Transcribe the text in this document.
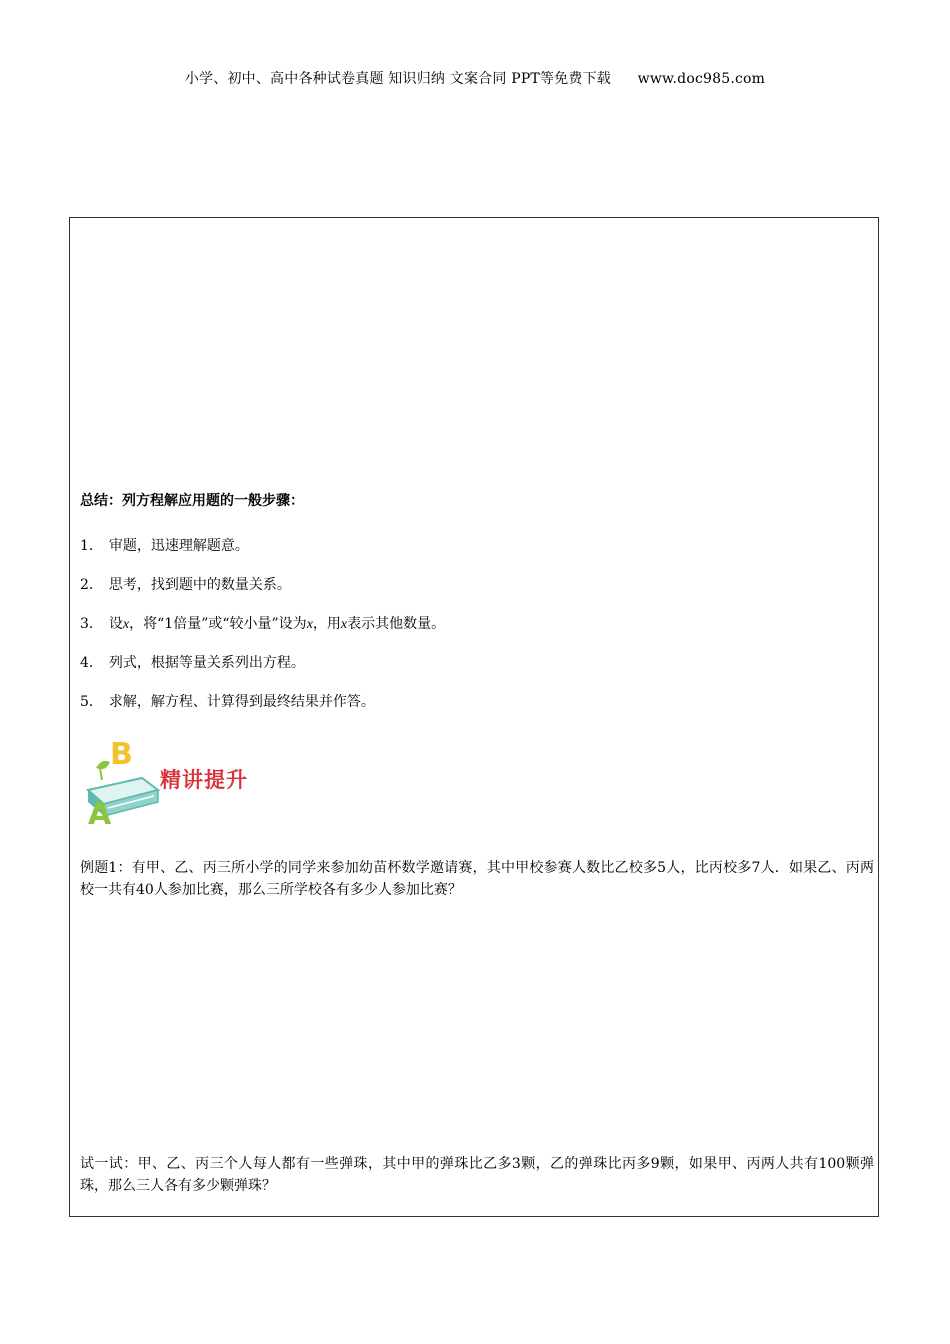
小学、初中、高中各种试卷真题 知识归纳 文案合同 PPT等免费下载 www.doc985.com
总结：列方程解应用题的一般步骤：
1． 审题，迅速理解题意。
2． 思考，找到题中的数量关系。
3． 设x，将“1倍量”或“较小量”设为x，用x表示其他数量。
4． 列式，根据等量关系列出方程。
5． 求解，解方程、计算得到最终结果并作答。
B
A
精讲提升
例题1：有甲、乙、丙三所小学的同学来参加幼苗杯数学邀请赛，其中甲校参赛人数比乙校多5人，比丙校多7人．如果乙、丙两校一共有40人参加比赛，那么三所学校各有多少人参加比赛？
试一试：甲、乙、丙三个人每人都有一些弹珠，其中甲的弹珠比乙多3颗，乙的弹珠比丙多9颗，如果甲、丙两人共有100颗弹珠，那么三人各有多少颗弹珠？
